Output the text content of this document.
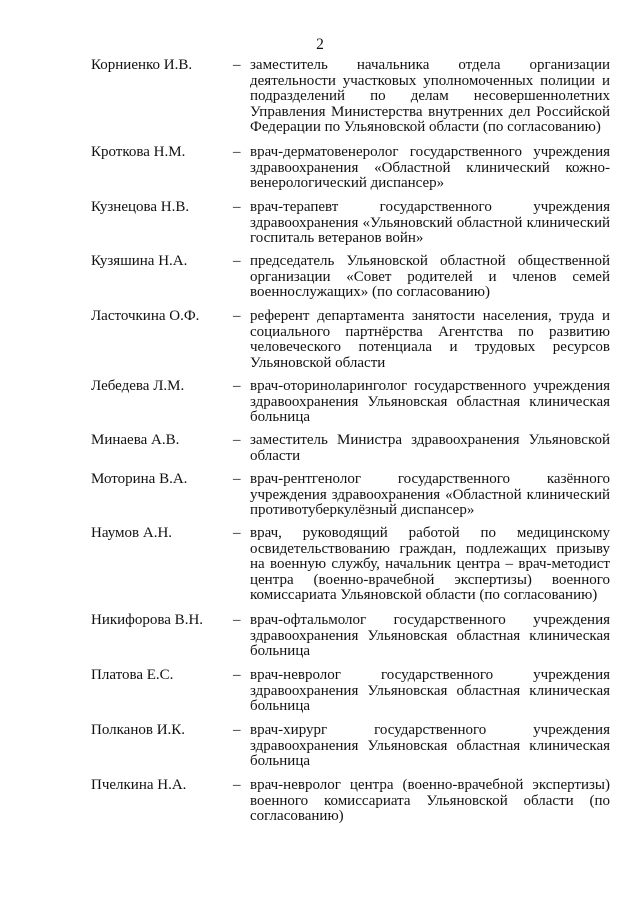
2
Корниенко И.В.	– заместитель начальника отдела организации деятельности участковых уполномоченных полиции и подразделений по делам несовершеннолетних Управления Министерства внутренних дел Российской Федерации по Ульяновской области (по согласованию)
Кроткова Н.М.	– врач-дерматовенеролог государственного учреждения здравоохранения «Областной клинический кожно-венерологический диспансер»
Кузнецова Н.В.	– врач-терапевт государственного учреждения здравоохранения «Ульяновский областной клинический госпиталь ветеранов войн»
Кузяшина Н.А.	– председатель Ульяновской областной общественной организации «Совет родителей и членов семей военнослужащих» (по согласованию)
Ласточкина О.Ф. – референт департамента занятости населения, труда и социального партнёрства Агентства по развитию человеческого потенциала и трудовых ресурсов Ульяновской области
Лебедева Л.М.	– врач-оториноларинголог государственного учреждения здравоохранения Ульяновская областная клиническая больница
Минаева А.В.	– заместитель Министра здравоохранения Ульяновской области
Моторина В.А.	– врач-рентгенолог государственного казённого учреждения здравоохранения «Областной клинический противотуберкулёзный диспансер»
Наумов А.Н.	– врач, руководящий работой по медицинскому освидетельствованию граждан, подлежащих призыву на военную службу, начальник центра – врач-методист центра (военно-врачебной экспертизы) военного комиссариата Ульяновской области (по согласованию)
Никифорова В.Н. – врач-офтальмолог государственного учреждения здравоохранения Ульяновская областная клиническая больница
Платова Е.С.	– врач-невролог государственного учреждения здравоохранения Ульяновская областная клиническая больница
Полканов И.К.	– врач-хирург государственного учреждения здравоохранения Ульяновская областная клиническая больница
Пчелкина Н.А.	– врач-невролог центра (военно-врачебной экспертизы) военного комиссариата Ульяновской области (по согласованию)
